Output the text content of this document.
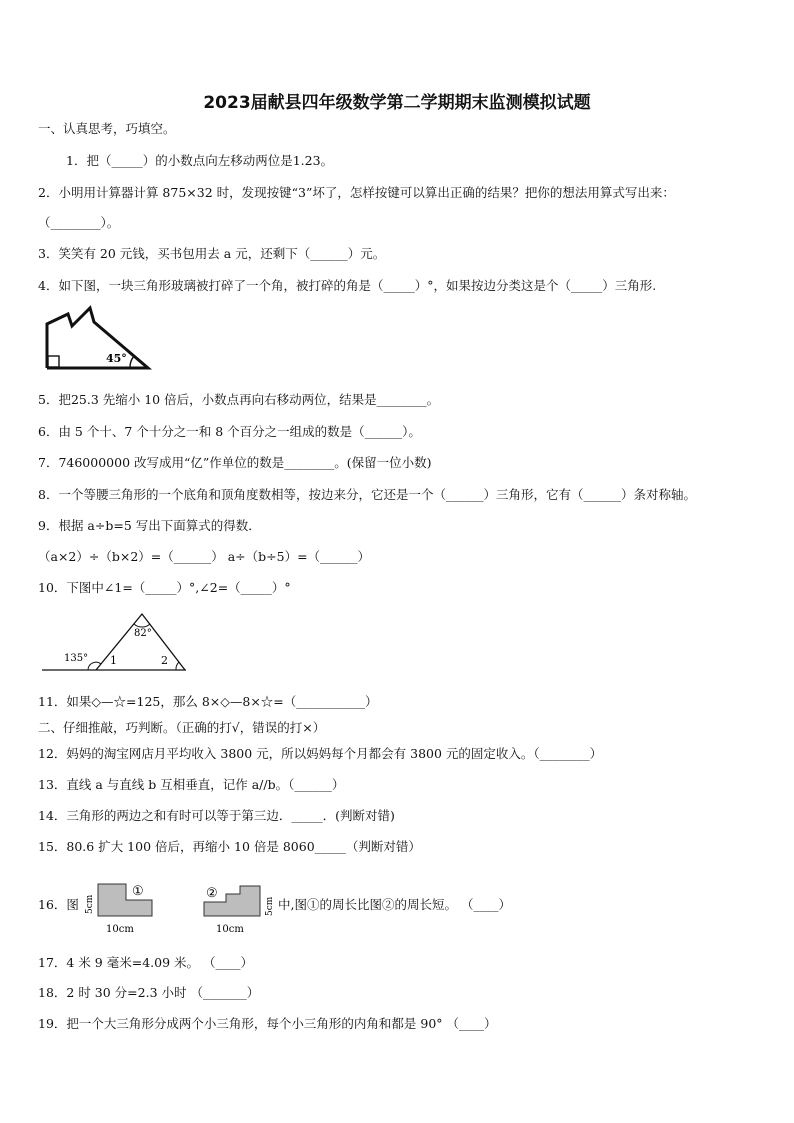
2023届献县四年级数学第二学期期末监测模拟试题
一、认真思考，巧填空。
1．把（_____）的小数点向左移动两位是1.23。
2．小明用计算器计算 875×32 时，发现按键“3”坏了，怎样按键可以算出正确的结果？把你的想法用算式写出来：
（________）。
3．笑笑有 20 元钱，买书包用去 a 元，还剩下（______）元。
4．如下图，一块三角形玻璃被打碎了一个角，被打碎的角是（_____）°，如果按边分类这是个（_____）三角形.
45°
5．把25.3 先缩小 10 倍后，小数点再向右移动两位，结果是________。
6．由 5 个十、7 个十分之一和 8 个百分之一组成的数是（______）。
7．746000000 改写成用“亿”作单位的数是________。(保留一位小数)
8．一个等腰三角形的一个底角和顶角度数相等，按边来分，它还是一个（______）三角形，它有（______）条对称轴。
9．根据 a÷b=5 写出下面算式的得数．
（a×2）÷（b×2）=（______） a÷（b÷5）=（______）
10．下图中∠1=（_____）°,∠2=（_____）°
82°
135° 1	2
11．如果◇—☆=125，那么 8×◇—8×☆=（___________）
二、仔细推敲，巧判断。（正确的打√，错误的打×）
12．妈妈的淘宝网店月平均收入 3800 元，所以妈妈每个月都会有 3800 元的固定收入。（________）
13．直线 a 与直线 b 互相垂直，记作 a//b。（______）
14．三角形的两边之和有时可以等于第三边．_____．(判断对错)
15．80.6 扩大 100 倍后，再缩小 10 倍是 8060_____（判断对错）
16．图 5cm
①
10cm
②
5cm
10cm
中,图①的周长比图②的周长短。 （____）
17．4 米 9 毫米=4.09 米。 （____）
18．2 时 30 分=2.3 小时 （_______）
19．把一个大三角形分成两个小三角形，每个小三角形的内角和都是 90° （____）
